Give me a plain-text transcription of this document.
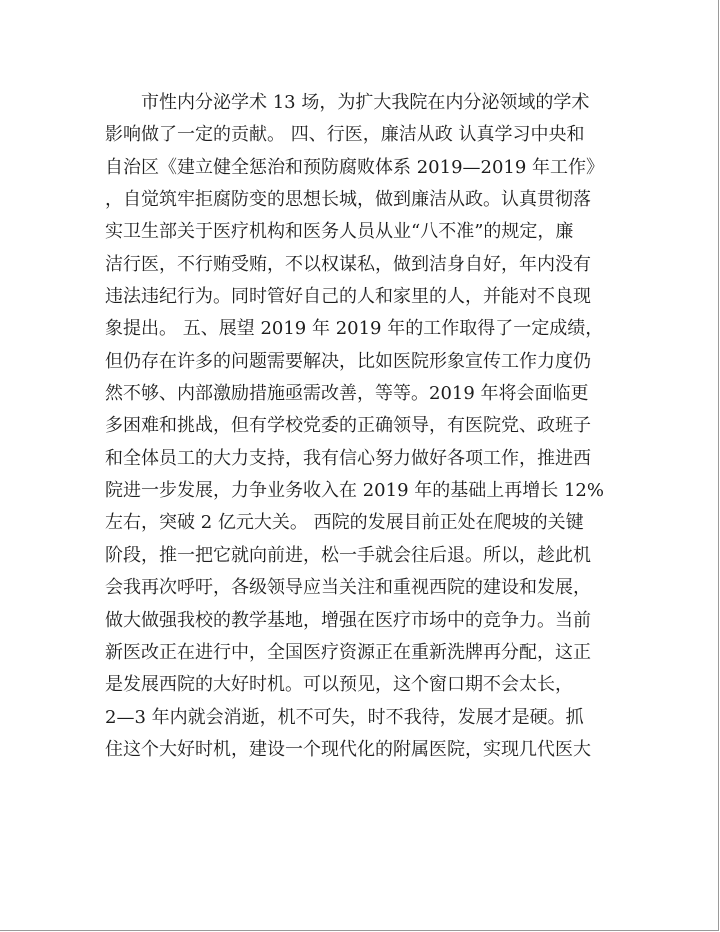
市性内分泌学术 13 场，为扩大我院在内分泌领域的学术
影响做了一定的贡献。 四、行医，廉洁从政 认真学习中央和
自治区《建立健全惩治和预防腐败体系 2019—2019 年工作》
，自觉筑牢拒腐防变的思想长城，做到廉洁从政。认真贯彻落
实卫生部关于医疗机构和医务人员从业“八不准”的规定，廉
洁行医，不行贿受贿，不以权谋私，做到洁身自好，年内没有
违法违纪行为。同时管好自己的人和家里的人，并能对不良现
象提出。 五、展望 2019 年 2019 年的工作取得了一定成绩，
但仍存在许多的问题需要解决，比如医院形象宣传工作力度仍
然不够、内部激励措施亟需改善，等等。2019 年将会面临更
多困难和挑战，但有学校党委的正确领导，有医院党、政班子
和全体员工的大力支持，我有信心努力做好各项工作，推进西
院进一步发展，力争业务收入在 2019 年的基础上再增长 12%
左右，突破 2 亿元大关。 西院的发展目前正处在爬坡的关键
阶段，推一把它就向前进，松一手就会往后退。所以，趁此机
会我再次呼吁，各级领导应当关注和重视西院的建设和发展，
做大做强我校的教学基地，增强在医疗市场中的竞争力。当前
新医改正在进行中，全国医疗资源正在重新洗牌再分配，这正
是发展西院的大好时机。可以预见，这个窗口期不会太长，
2—3 年内就会消逝，机不可失，时不我待，发展才是硬。抓
住这个大好时机，建设一个现代化的附属医院，实现几代医大
